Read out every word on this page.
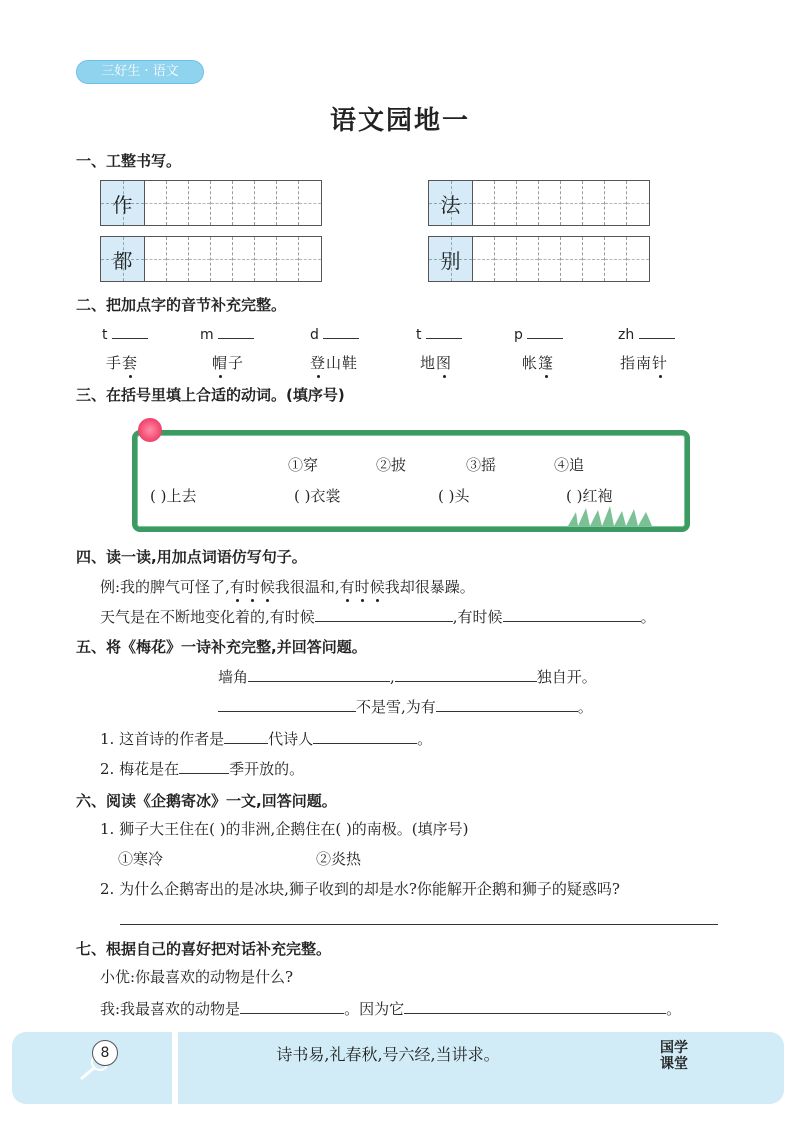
三好生 · 语文
语文园地一
一、工整书写。
作	法
都	别
二、把加点字的音节补充完整。
t	m	d	t	p	zh
手套	帽子	登山鞋	地图	帐篷	指南针
三、在括号里填上合适的动词。(填序号)
①穿	②披	③摇	④追
( )上去	( )衣裳	( )头	( )红袍
四、读一读,用加点词语仿写句子。
例:我的脾气可怪了,有时候我很温和,有时候我却很暴躁。
天气是在不断地变化着的,有时候	,有时候	。
五、将《梅花》一诗补充完整,并回答问题。
墙角	,	独自开。
不是雪,为有	。
1. 这首诗的作者是	代诗人	。
2. 梅花是在	季开放的。
六、阅读《企鹅寄冰》一文,回答问题。
1. 狮子大王住在( )的非洲,企鹅住在( )的南极。(填序号)
①寒冷	②炎热
2. 为什么企鹅寄出的是冰块,狮子收到的却是水?你能解开企鹅和狮子的疑惑吗?
七、根据自己的喜好把对话补充完整。
小优:你最喜欢的动物是什么?
我:我最喜欢的动物是	。因为它	。
8	诗书易,礼春秋,号六经,当讲求。	国学
课堂
